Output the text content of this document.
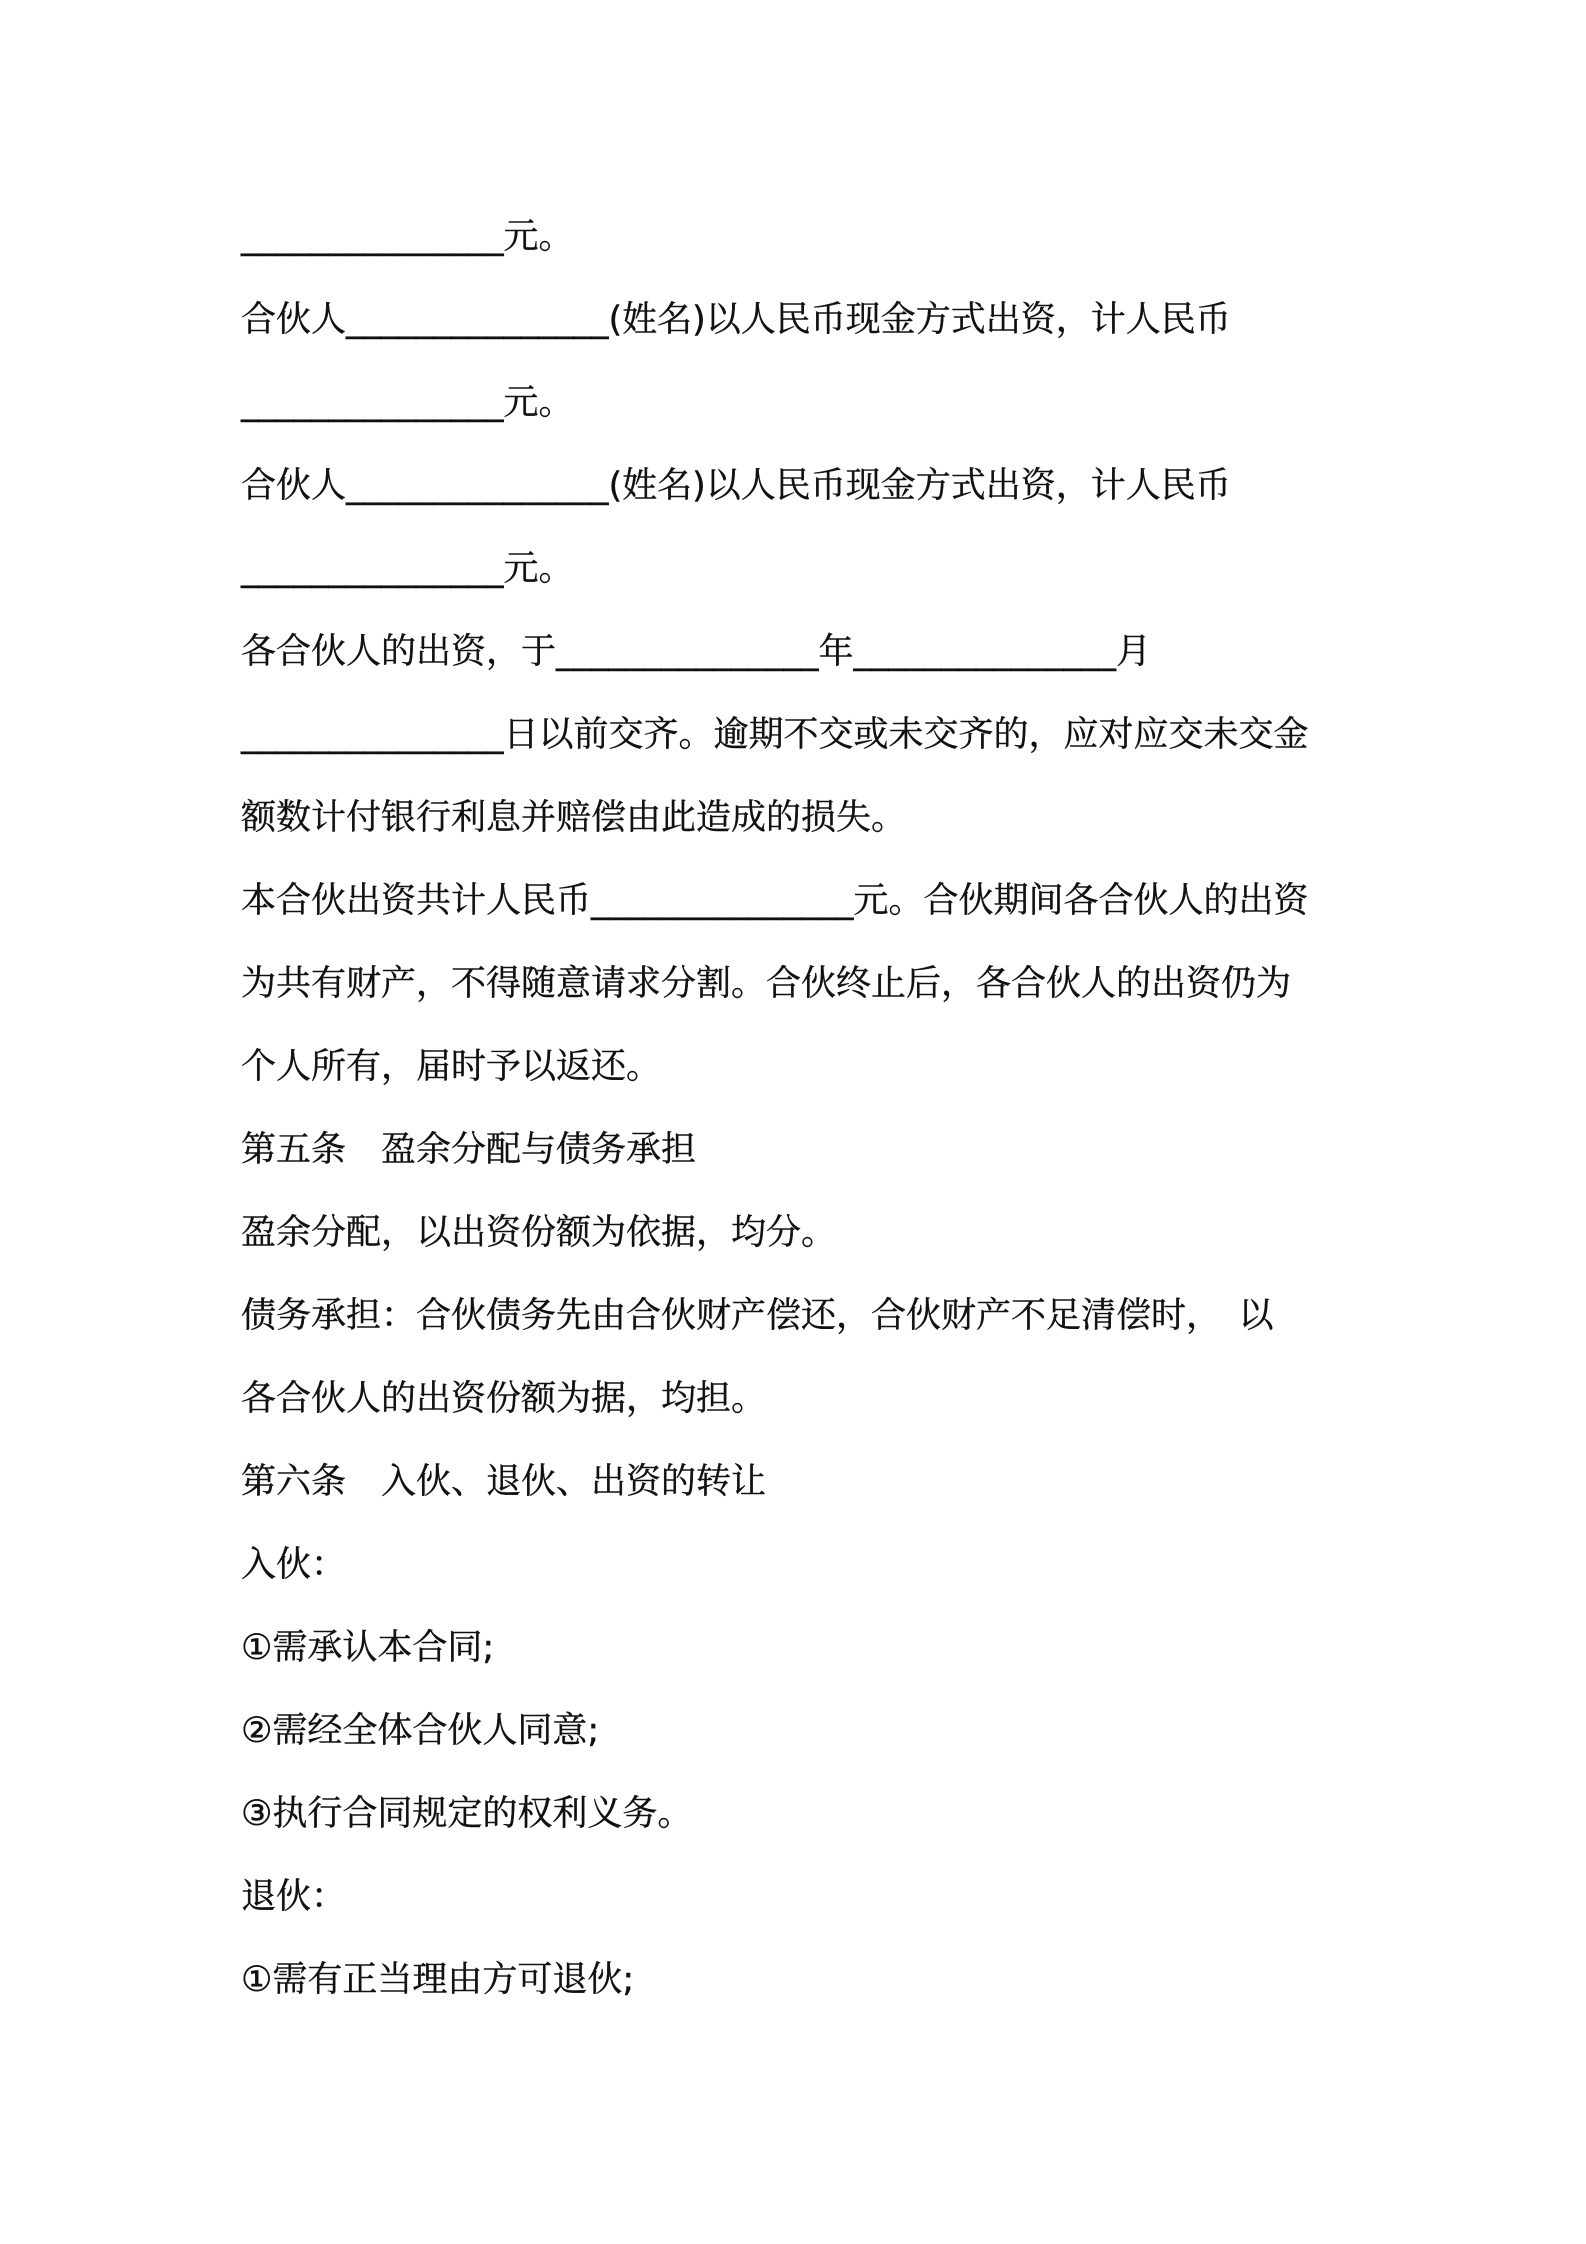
_______________元。
合伙人_______________(姓名)以人民币现金方式出资，计人民币
_______________元。
合伙人_______________(姓名)以人民币现金方式出资，计人民币
_______________元。
各合伙人的出资，于_______________年_______________月
_______________日以前交齐。逾期不交或未交齐的，应对应交未交金
额数计付银行利息并赔偿由此造成的损失。
本合伙出资共计人民币_______________元。合伙期间各合伙人的出资
为共有财产，不得随意请求分割。合伙终止后，各合伙人的出资仍为
个人所有，届时予以返还。
第五条　盈余分配与债务承担
盈余分配，以出资份额为依据，均分。
债务承担：合伙债务先由合伙财产偿还，合伙财产不足清偿时，　以
各合伙人的出资份额为据，均担。
第六条　入伙、退伙、出资的转让
入伙：
①需承认本合同;
②需经全体合伙人同意;
③执行合同规定的权利义务。
退伙：
①需有正当理由方可退伙;
